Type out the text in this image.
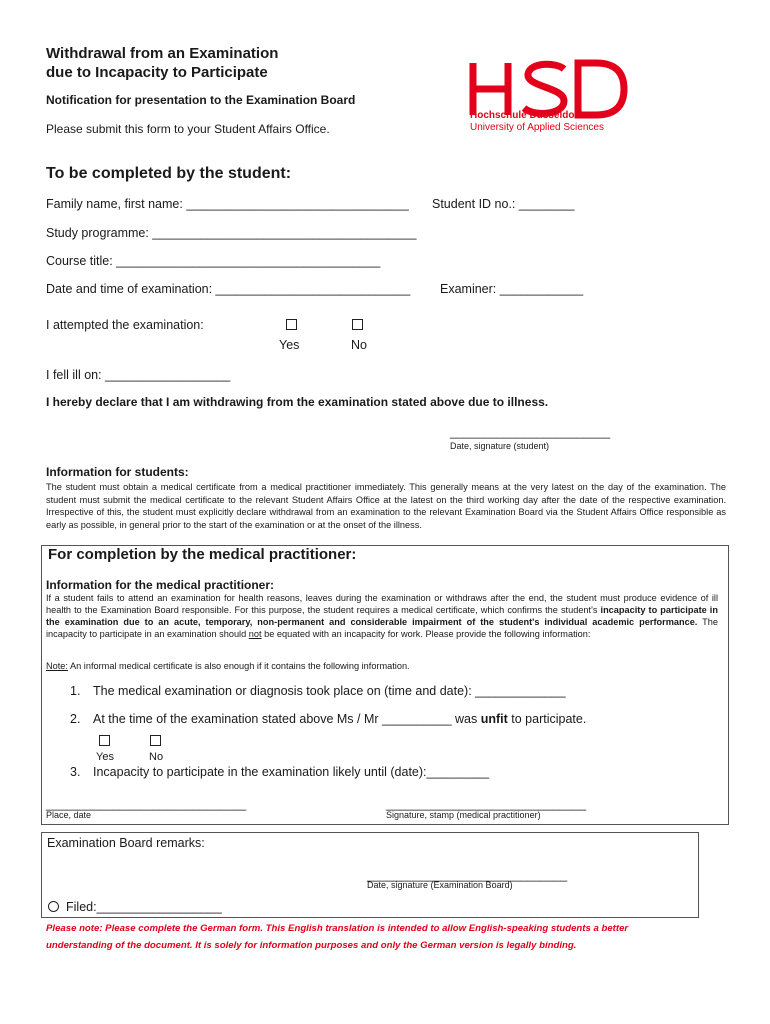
Withdrawal from an Examination
due to Incapacity to Participate
Notification for presentation to the Examination Board
Please submit this form to your Student Affairs Office.
Hochschule Düsseldorf
University of Applied Sciences
To be completed by the student:
Family name, first name: ________________________________ Student ID no.: ________
Study programme: ______________________________________
Course title: ______________________________________
Date and time of examination: ____________________________ Examiner: ____________
I attempted the examination:
Yes	No
I fell ill on: __________________
I hereby declare that I am withdrawing from the examination stated above due to illness.
________________________
Date, signature (student)
Information for students:
The student must obtain a medical certificate from a medical practitioner immediately. This generally means at the very latest on the day of the examination. The student must submit the medical certificate to the relevant Student Affairs Office at the latest on the third working day after the date of the respective examination. Irrespective of this, the student must explicitly declare withdrawal from an examination to the relevant Examination Board via the Student Affairs Office responsible as early as possible, in general prior to the start of the examination or at the onset of the illness.
For completion by the medical practitioner:
Information for the medical practitioner:
If a student fails to attend an examination for health reasons, leaves during the examination or withdraws after the end, the student must produce evidence of ill health to the Examination Board responsible. For this purpose, the student requires a medical certificate, which confirms the student's incapacity to participate in the examination due to an acute, temporary, non-permanent and considerable impairment of the student's individual academic performance. The incapacity to participate in an examination should not be equated with an incapacity for work. Please provide the following information:
Note: An informal medical certificate is also enough if it contains the following information.
1. The medical examination or diagnosis took place on (time and date): _____________
2. At the time of the examination stated above Ms / Mr __________ was unfit to participate.
Yes	No
3. Incapacity to participate in the examination likely until (date):_________
______________________________
Place, date
______________________________
Signature, stamp (medical practitioner)
Examination Board remarks:
______________________________
Date, signature (Examination Board)
Filed:__________________
Please note: Please complete the German form. This English translation is intended to allow English-speaking students a better
understanding of the document. It is solely for information purposes and only the German version is legally binding.
